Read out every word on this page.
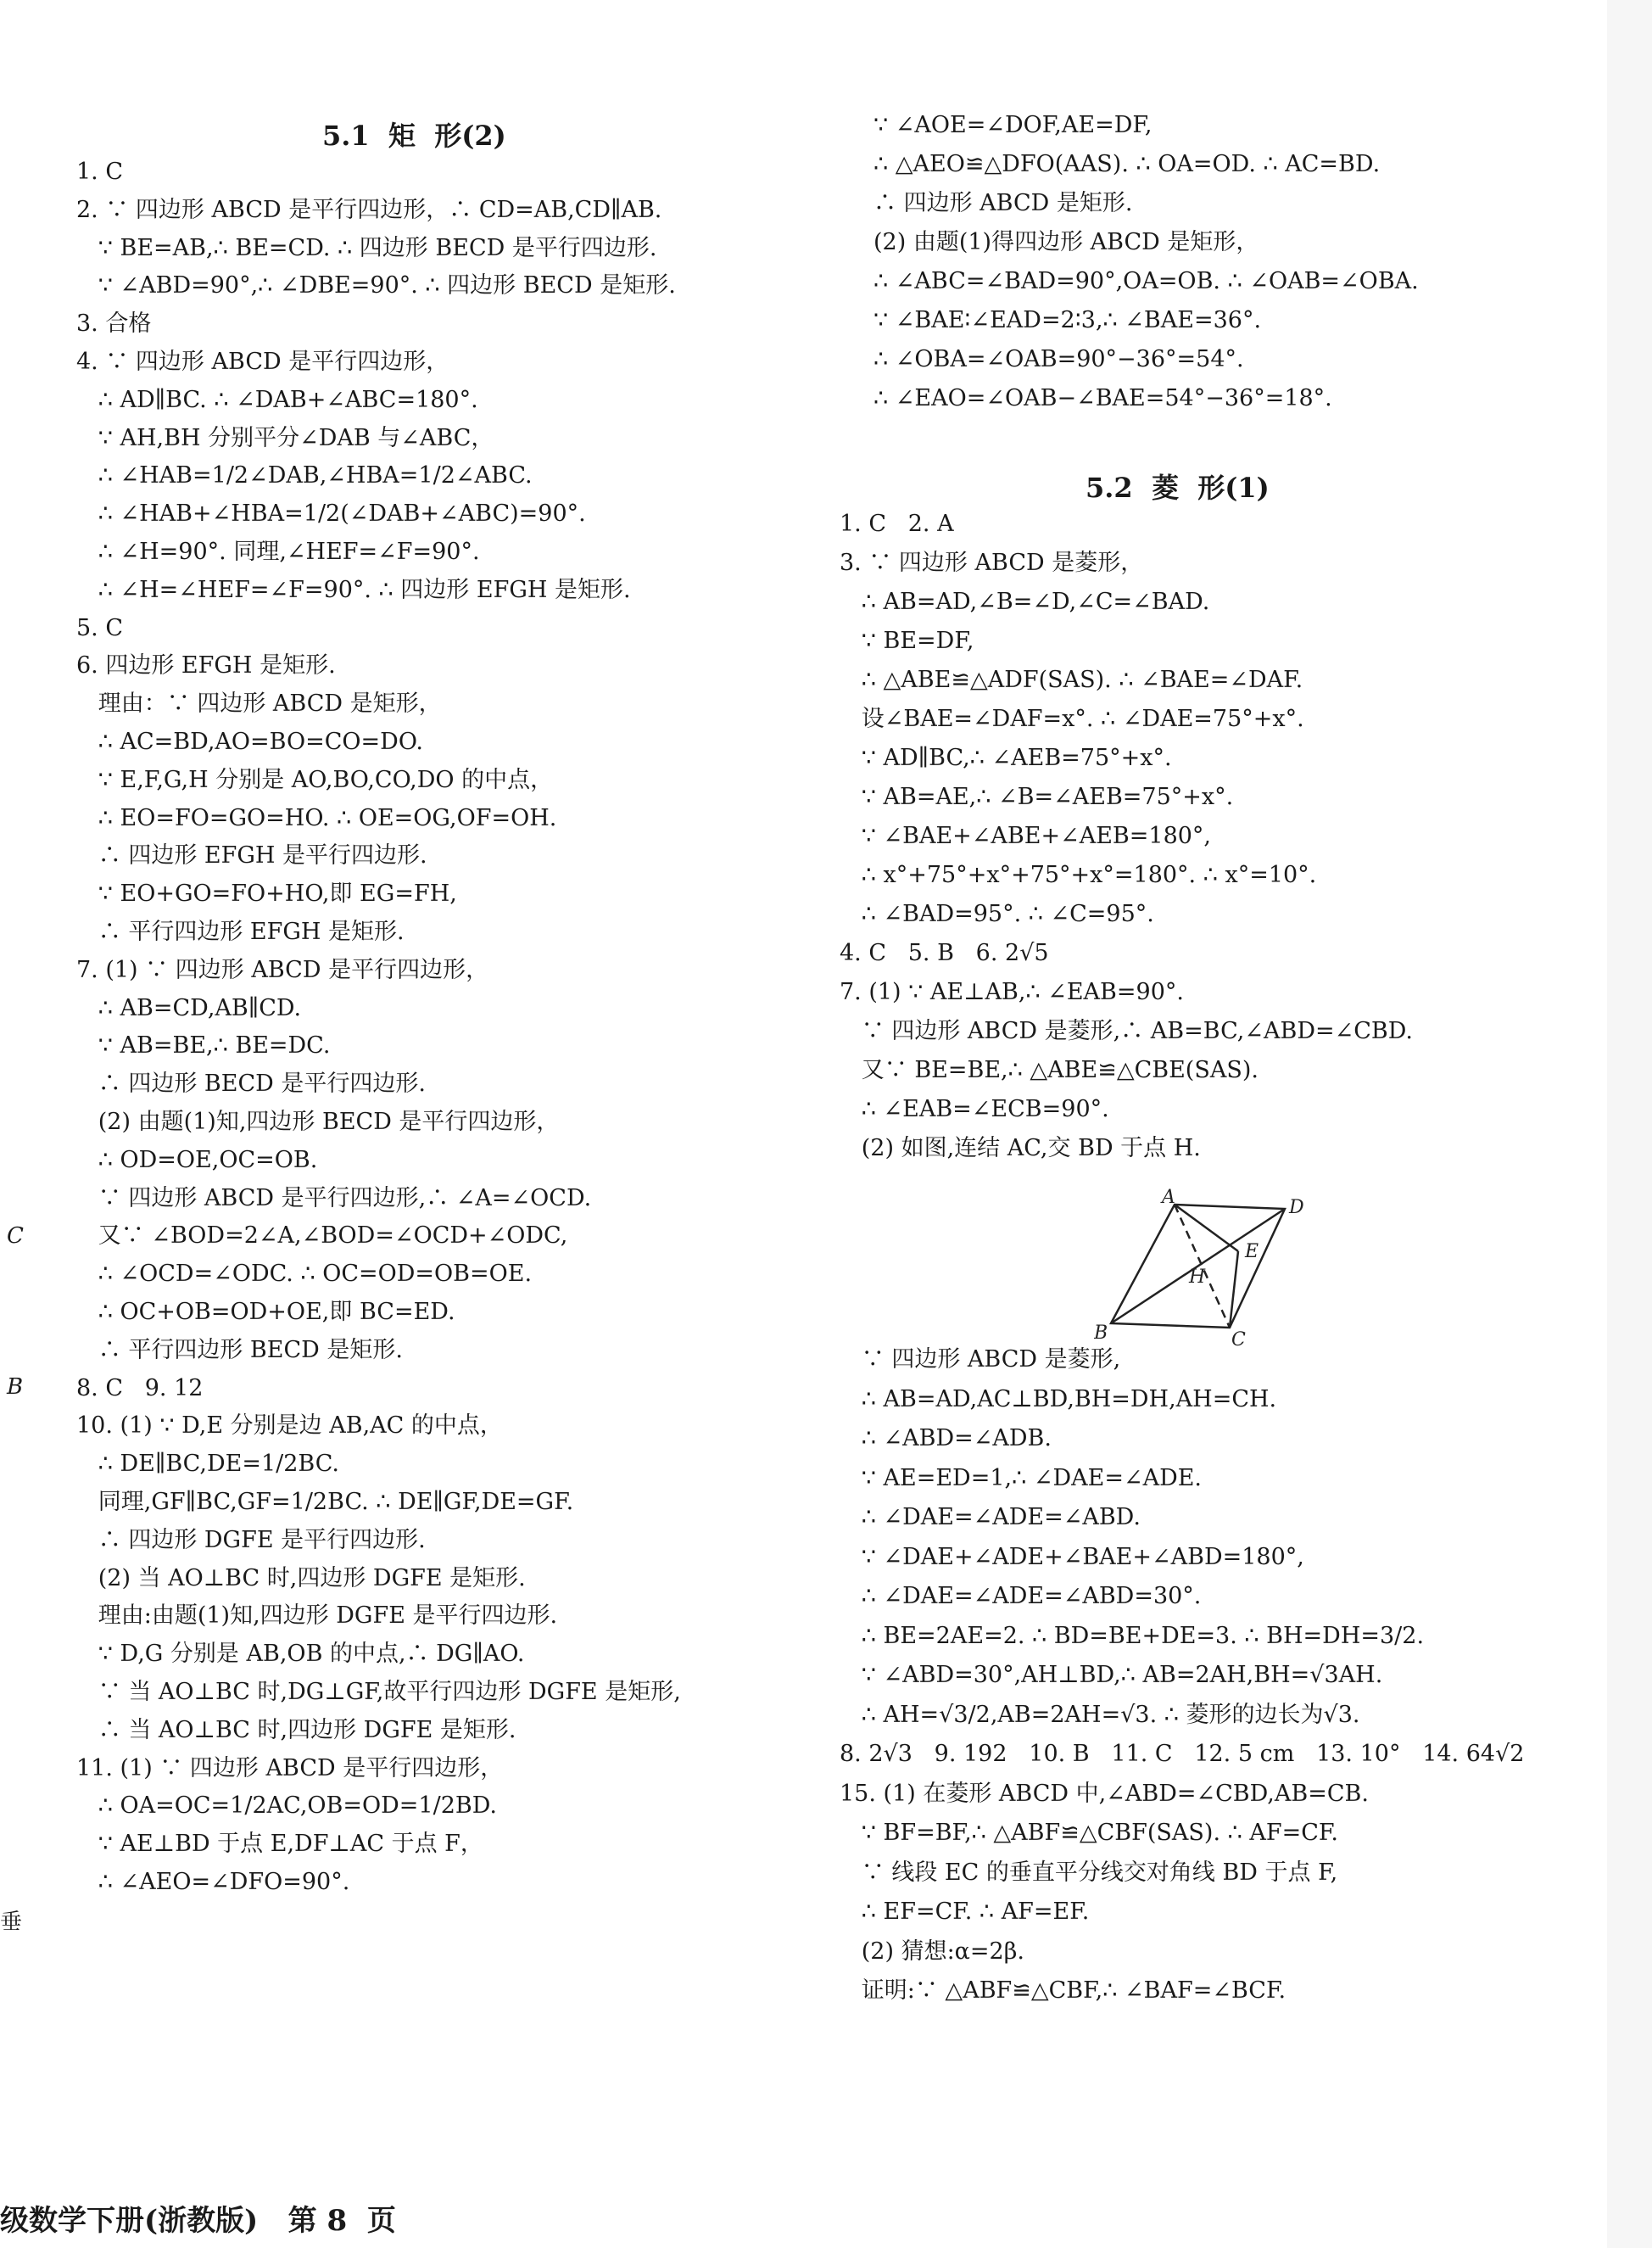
C
B
垂
5.1  矩  形(2)
1. C
2. ∵ 四边形 ABCD 是平行四边形，∴ CD=AB,CD∥AB.
∵ BE=AB,∴ BE=CD. ∴ 四边形 BECD 是平行四边形.
∵ ∠ABD=90°,∴ ∠DBE=90°. ∴ 四边形 BECD 是矩形.
3. 合格
4. ∵ 四边形 ABCD 是平行四边形，
∴ AD∥BC. ∴ ∠DAB+∠ABC=180°.
∵ AH,BH 分别平分∠DAB 与∠ABC，
∴ ∠HAB=1/2∠DAB,∠HBA=1/2∠ABC.
∴ ∠HAB+∠HBA=1/2(∠DAB+∠ABC)=90°.
∴ ∠H=90°. 同理,∠HEF=∠F=90°.
∴ ∠H=∠HEF=∠F=90°. ∴ 四边形 EFGH 是矩形.
5. C
6. 四边形 EFGH 是矩形.
理由：∵ 四边形 ABCD 是矩形，
∴ AC=BD,AO=BO=CO=DO.
∵ E,F,G,H 分别是 AO,BO,CO,DO 的中点，
∴ EO=FO=GO=HO. ∴ OE=OG,OF=OH.
∴ 四边形 EFGH 是平行四边形.
∵ EO+GO=FO+HO,即 EG=FH,
∴ 平行四边形 EFGH 是矩形.
7. (1) ∵ 四边形 ABCD 是平行四边形，
∴ AB=CD,AB∥CD.
∵ AB=BE,∴ BE=DC.
∴ 四边形 BECD 是平行四边形.
(2) 由题(1)知,四边形 BECD 是平行四边形，
∴ OD=OE,OC=OB.
∵ 四边形 ABCD 是平行四边形,∴ ∠A=∠OCD.
又∵ ∠BOD=2∠A,∠BOD=∠OCD+∠ODC,
∴ ∠OCD=∠ODC. ∴ OC=OD=OB=OE.
∴ OC+OB=OD+OE,即 BC=ED.
∴ 平行四边形 BECD 是矩形.
8. C   9. 12
10. (1) ∵ D,E 分别是边 AB,AC 的中点，
∴ DE∥BC,DE=1/2BC.
同理,GF∥BC,GF=1/2BC. ∴ DE∥GF,DE=GF.
∴ 四边形 DGFE 是平行四边形.
(2) 当 AO⊥BC 时,四边形 DGFE 是矩形.
理由:由题(1)知,四边形 DGFE 是平行四边形.
∵ D,G 分别是 AB,OB 的中点,∴ DG∥AO.
∵ 当 AO⊥BC 时,DG⊥GF,故平行四边形 DGFE 是矩形,
∴ 当 AO⊥BC 时,四边形 DGFE 是矩形.
11. (1) ∵ 四边形 ABCD 是平行四边形，
∴ OA=OC=1/2AC,OB=OD=1/2BD.
∵ AE⊥BD 于点 E,DF⊥AC 于点 F，
∴ ∠AEO=∠DFO=90°.
∵ ∠AOE=∠DOF,AE=DF,
∴ △AEO≌△DFO(AAS). ∴ OA=OD. ∴ AC=BD.
∴ 四边形 ABCD 是矩形.
(2) 由题(1)得四边形 ABCD 是矩形，
∴ ∠ABC=∠BAD=90°,OA=OB. ∴ ∠OAB=∠OBA.
∵ ∠BAE∶∠EAD=2∶3,∴ ∠BAE=36°.
∴ ∠OBA=∠OAB=90°−36°=54°.
∴ ∠EAO=∠OAB−∠BAE=54°−36°=18°.
5.2  菱  形(1)
1. C   2. A
3. ∵ 四边形 ABCD 是菱形，
∴ AB=AD,∠B=∠D,∠C=∠BAD.
∵ BE=DF,
∴ △ABE≌△ADF(SAS). ∴ ∠BAE=∠DAF.
设∠BAE=∠DAF=x°. ∴ ∠DAE=75°+x°.
∵ AD∥BC,∴ ∠AEB=75°+x°.
∵ AB=AE,∴ ∠B=∠AEB=75°+x°.
∵ ∠BAE+∠ABE+∠AEB=180°,
∴ x°+75°+x°+75°+x°=180°. ∴ x°=10°.
∴ ∠BAD=95°. ∴ ∠C=95°.
4. C   5. B   6. 2√5
7. (1) ∵ AE⊥AB,∴ ∠EAB=90°.
∵ 四边形 ABCD 是菱形,∴ AB=BC,∠ABD=∠CBD.
又∵ BE=BE,∴ △ABE≌△CBE(SAS).
∴ ∠EAB=∠ECB=90°.
(2) 如图,连结 AC,交 BD 于点 H.
∵ 四边形 ABCD 是菱形,
∴ AB=AD,AC⊥BD,BH=DH,AH=CH.
∴ ∠ABD=∠ADB.
∵ AE=ED=1,∴ ∠DAE=∠ADE.
∴ ∠DAE=∠ADE=∠ABD.
∵ ∠DAE+∠ADE+∠BAE+∠ABD=180°,
∴ ∠DAE=∠ADE=∠ABD=30°.
∴ BE=2AE=2. ∴ BD=BE+DE=3. ∴ BH=DH=3/2.
∵ ∠ABD=30°,AH⊥BD,∴ AB=2AH,BH=√3AH.
∴ AH=√3/2,AB=2AH=√3. ∴ 菱形的边长为√3.
8. 2√3   9. 192   10. B   11. C   12. 5 cm   13. 10°   14. 64√2
15. (1) 在菱形 ABCD 中,∠ABD=∠CBD,AB=CB.
∵ BF=BF,∴ △ABF≌△CBF(SAS). ∴ AF=CF.
∵ 线段 EC 的垂直平分线交对角线 BD 于点 F,
∴ EF=CF. ∴ AF=EF.
(2) 猜想:α=2β.
证明:∵ △ABF≌△CBF,∴ ∠BAF=∠BCF.
A	D
E
H
B	C
级数学下册(浙教版)   第 8  页
